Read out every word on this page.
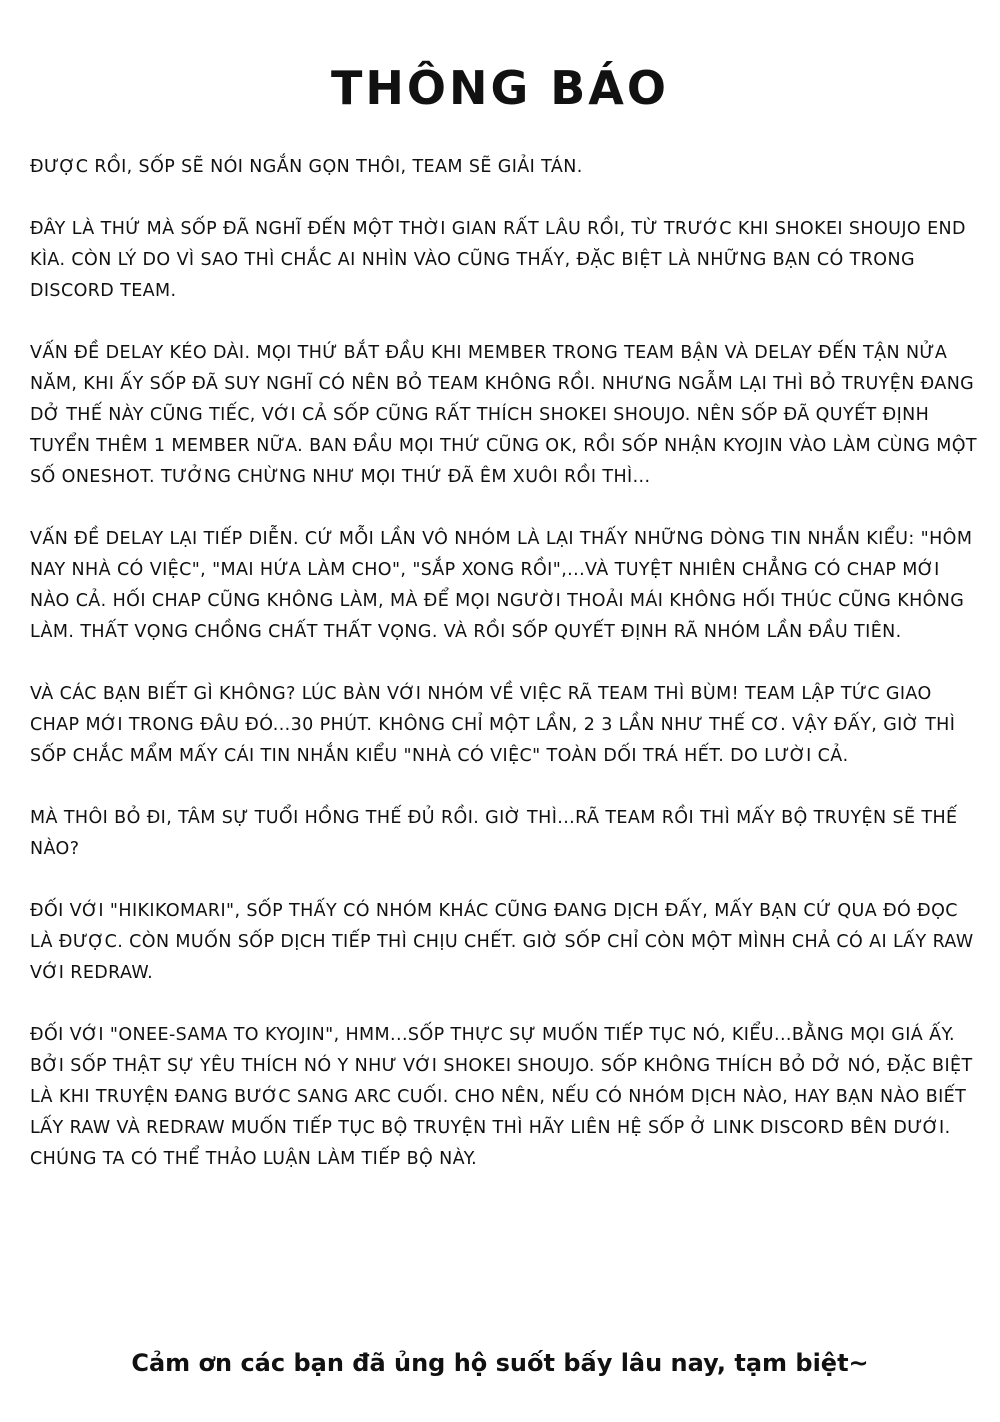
THÔNG BÁO

ĐƯỢC RỒI, SỐP SẼ NÓI NGẮN GỌN THÔI, TEAM SẼ GIẢI TÁN.

ĐÂY LÀ THỨ MÀ SỐP ĐÃ NGHĨ ĐẾN MỘT THỜI GIAN RẤT LÂU RỒI, TỪ TRƯỚC KHI SHOKEI SHOUJO END KÌA. CÒN LÝ DO VÌ SAO THÌ CHẮC AI NHÌN VÀO CŨNG THẤY, ĐẶC BIỆT LÀ NHỮNG BẠN CÓ TRONG DISCORD TEAM.

VẤN ĐỀ DELAY KÉO DÀI. MỌI THỨ BẮT ĐẦU KHI MEMBER TRONG TEAM BẬN VÀ DELAY ĐẾN TẬN NỬA NĂM, KHI ẤY SỐP ĐÃ SUY NGHĨ CÓ NÊN BỎ TEAM KHÔNG RỒI. NHƯNG NGẪM LẠI THÌ BỎ TRUYỆN ĐANG DỞ THẾ NÀY CŨNG TIẾC, VỚI CẢ SỐP CŨNG RẤT THÍCH SHOKEI SHOUJO. NÊN SỐP ĐÃ QUYẾT ĐỊNH TUYỂN THÊM 1 MEMBER NỮA. BAN ĐẦU MỌI THỨ CŨNG OK, RỒI SỐP NHẬN KYOJIN VÀO LÀM CÙNG MỘT SỐ ONESHOT. TƯỞNG CHỪNG NHƯ MỌI THỨ ĐÃ ÊM XUÔI RỒI THÌ...

VẤN ĐỀ DELAY LẠI TIẾP DIỄN. CỨ MỖI LẦN VÔ NHÓM LÀ LẠI THẤY NHỮNG DÒNG TIN NHẮN KIỂU: "HÔM NAY NHÀ CÓ VIỆC", "MAI HỨA LÀM CHO", "SẮP XONG RỒI",...VÀ TUYỆT NHIÊN CHẲNG CÓ CHAP MỚI NÀO CẢ. HỐI CHAP CŨNG KHÔNG LÀM, MÀ ĐỂ MỌI NGƯỜI THOẢI MÁI KHÔNG HỐI THÚC CŨNG KHÔNG LÀM. THẤT VỌNG CHỒNG CHẤT THẤT VỌNG. VÀ RỒI SỐP QUYẾT ĐỊNH RÃ NHÓM LẦN ĐẦU TIÊN.

VÀ CÁC BẠN BIẾT GÌ KHÔNG? LÚC BÀN VỚI NHÓM VỀ VIỆC RÃ TEAM THÌ BÙM! TEAM LẬP TỨC GIAO CHAP MỚI TRONG ĐÂU ĐÓ...30 PHÚT. KHÔNG CHỈ MỘT LẦN, 2 3 LẦN NHƯ THẾ CƠ. VẬY ĐẤY, GIỜ THÌ SỐP CHẮC MẨM MẤY CÁI TIN NHẮN KIỂU "NHÀ CÓ VIỆC" TOÀN DỐI TRÁ HẾT. DO LƯỜI CẢ.

MÀ THÔI BỎ ĐI, TÂM SỰ TUỔI HỒNG THẾ ĐỦ RỒI. GIỜ THÌ...RÃ TEAM RỒI THÌ MẤY BỘ TRUYỆN SẼ THẾ NÀO?

ĐỐI VỚI "HIKIKOMARI", SỐP THẤY CÓ NHÓM KHÁC CŨNG ĐANG DỊCH ĐẤY, MẤY BẠN CỨ QUA ĐÓ ĐỌC LÀ ĐƯỢC. CÒN MUỐN SỐP DỊCH TIẾP THÌ CHỊU CHẾT. GIỜ SỐP CHỈ CÒN MỘT MÌNH CHẢ CÓ AI LẤY RAW VỚI REDRAW.

ĐỐI VỚI "ONEE-SAMA TO KYOJIN", HMM...SỐP THỰC SỰ MUỐN TIẾP TỤC NÓ, KIỂU...BẰNG MỌI GIÁ ẤY. BỞI SỐP THẬT SỰ YÊU THÍCH NÓ Y NHƯ VỚI SHOKEI SHOUJO. SỐP KHÔNG THÍCH BỎ DỞ NÓ, ĐẶC BIỆT LÀ KHI TRUYỆN ĐANG BƯỚC SANG ARC CUỐI. CHO NÊN, NẾU CÓ NHÓM DỊCH NÀO, HAY BẠN NÀO BIẾT LẤY RAW VÀ REDRAW MUỐN TIẾP TỤC BỘ TRUYỆN THÌ HÃY LIÊN HỆ SỐP Ở LINK DISCORD BÊN DƯỚI. CHÚNG TA CÓ THỂ THẢO LUẬN LÀM TIẾP BỘ NÀY.

Cảm ơn các bạn đã ủng hộ suốt bấy lâu nay, tạm biệt~
